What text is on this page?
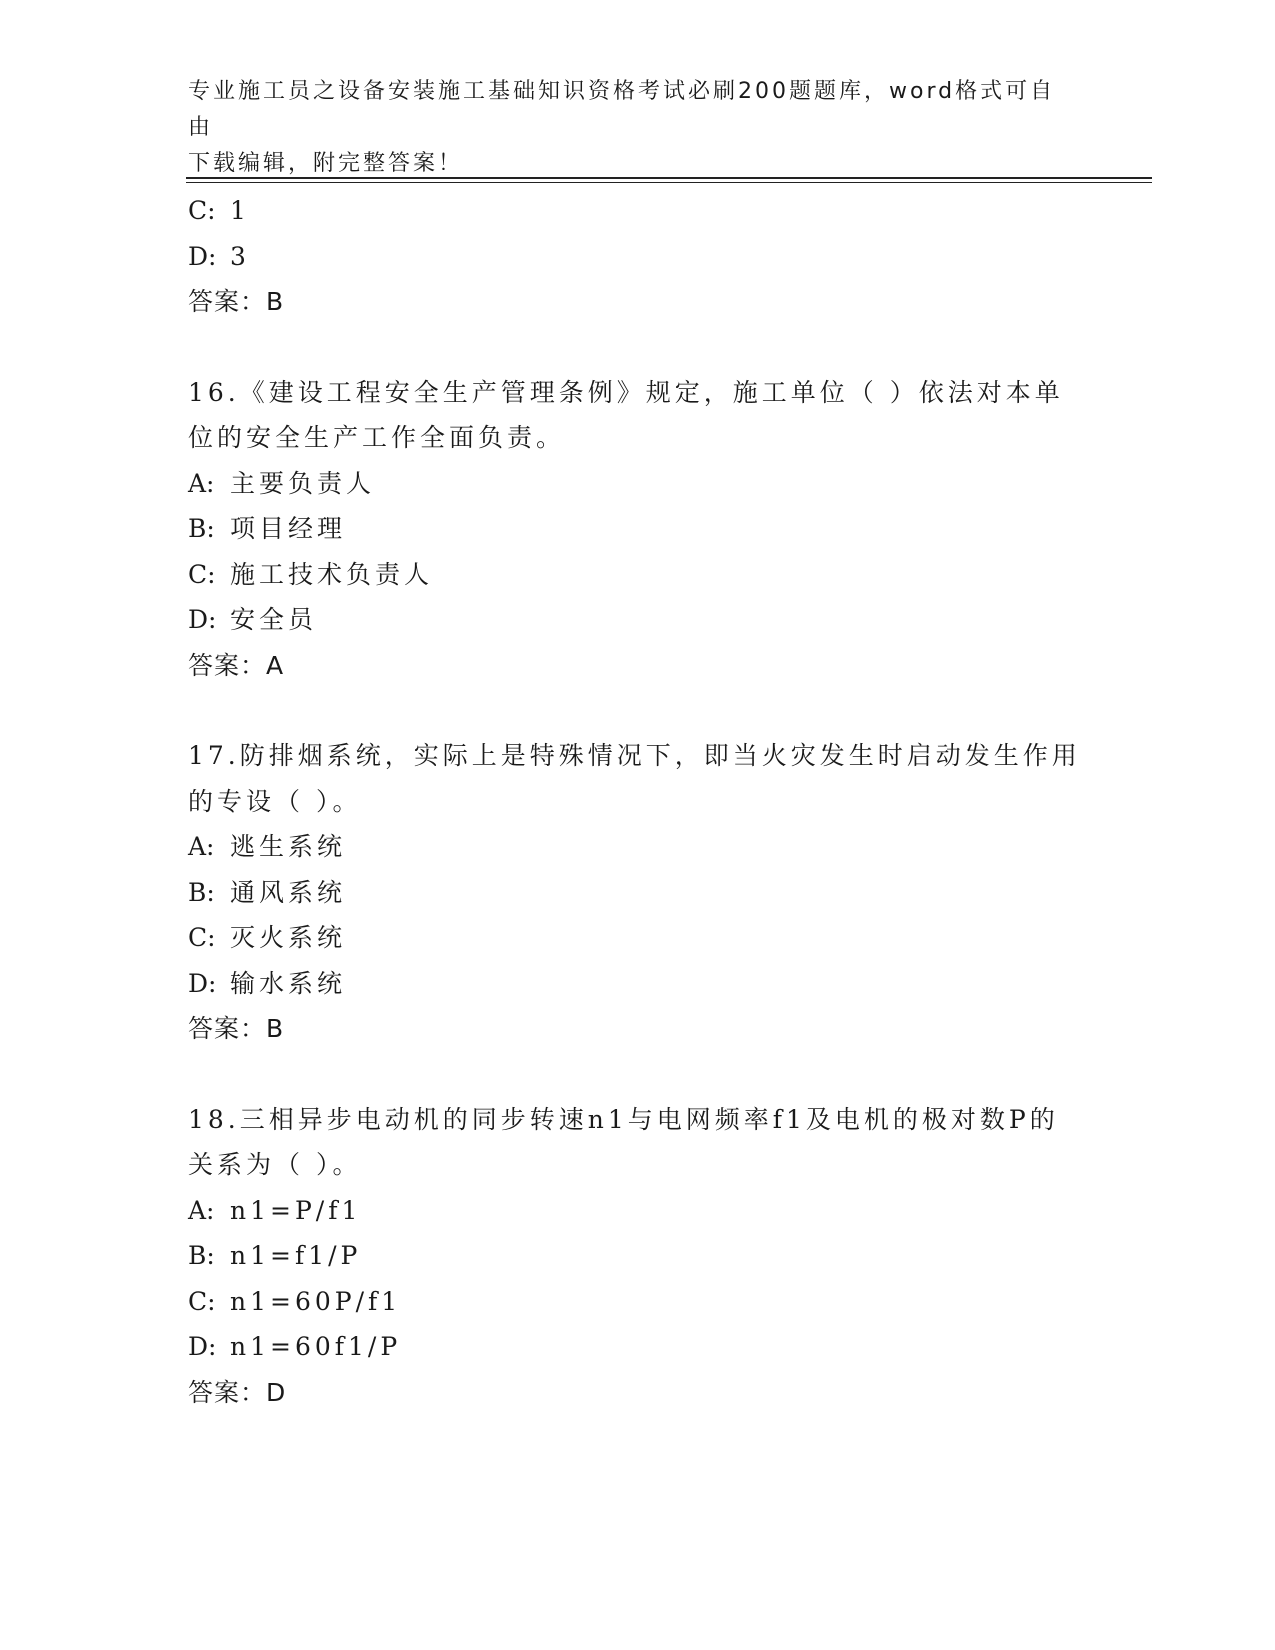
专业施工员之设备安装施工基础知识资格考试必刷200题题库，word格式可自由
下载编辑，附完整答案！
C: 1
D: 3
答案：B
16.《建设工程安全生产管理条例》规定，施工单位（ ）依法对本单
位的安全生产工作全面负责。
A: 主要负责人
B: 项目经理
C: 施工技术负责人
D: 安全员
答案：A
17.防排烟系统，实际上是特殊情况下，即当火灾发生时启动发生作用
的专设（ ）。
A: 逃生系统
B: 通风系统
C: 灭火系统
D: 输水系统
答案：B
18.三相异步电动机的同步转速n1与电网频率f1及电机的极对数P的
关系为（ ）。
A: n1=P/f1
B: n1=f1/P
C: n1=60P/f1
D: n1=60f1/P
答案：D
